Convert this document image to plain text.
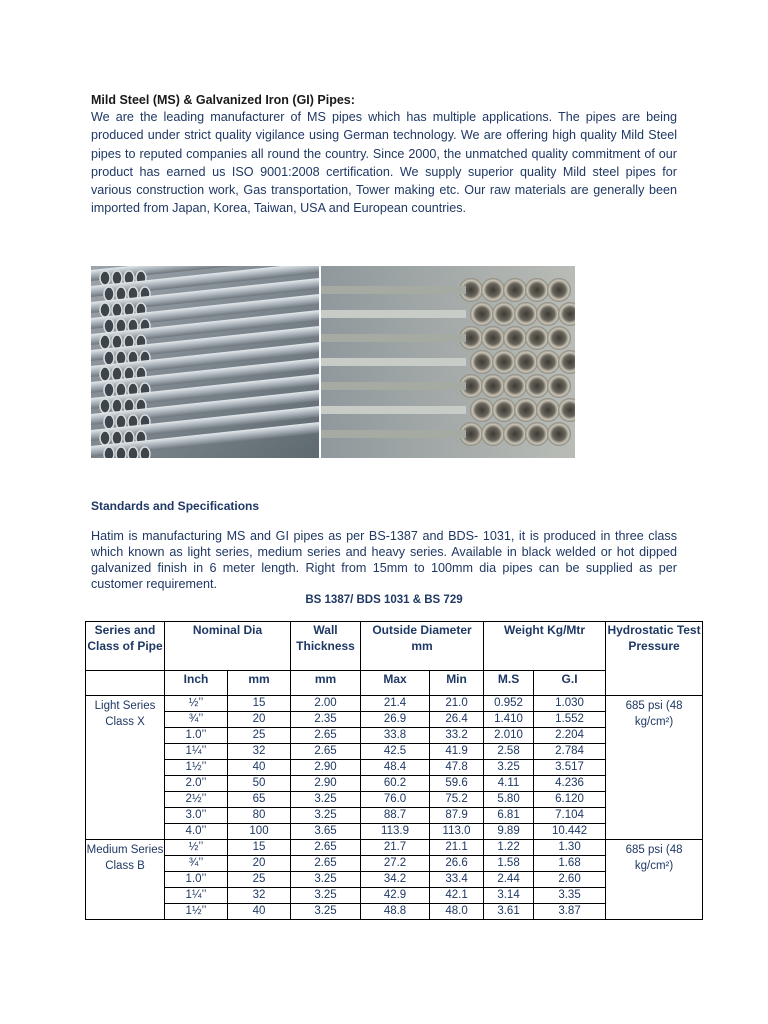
Mild Steel (MS) & Galvanized Iron (GI) Pipes:

We are the leading manufacturer of MS pipes which has multiple applications. The pipes are being produced under strict quality vigilance using German technology. We are offering high quality Mild Steel pipes to reputed companies all round the country. Since 2000, the unmatched quality commitment of our product has earned us ISO 9001:2008 certification. We supply superior quality Mild steel pipes for various construction work, Gas transportation, Tower making etc. Our raw materials are generally been imported from Japan, Korea, Taiwan, USA and European countries.

Standards and Specifications

Hatim is manufacturing MS and GI pipes as per BS-1387 and BDS- 1031, it is produced in three class which known as light series, medium series and heavy series. Available in black welded or hot dipped galvanized finish in 6 meter length. Right from 15mm to 100mm dia pipes can be supplied as per customer requirement.

BS 1387/ BDS 1031 & BS 729
Series and Class of Pipe	Nominal Dia		Wall Thickness	Outside Diameter mm		Weight Kg/Mtr		Hydrostatic Test Pressure
	Inch	mm	mm	Max	Min	M.S	G.I	
Light Series Class X	½’’	15	2.00	21.4	21.0	0.952	1.030	685 psi (48 kg/cm²)
	¾’’	20	2.35	26.9	26.4	1.410	1.552	
	1.0’’	25	2.65	33.8	33.2	2.010	2.204	
	1¼’’	32	2.65	42.5	41.9	2.58	2.784	
	1½’’	40	2.90	48.4	47.8	3.25	3.517	
	2.0’’	50	2.90	60.2	59.6	4.11	4.236	
	2½’’	65	3.25	76.0	75.2	5.80	6.120	
	3.0’’	80	3.25	88.7	87.9	6.81	7.104	
	4.0’’	100	3.65	113.9	113.0	9.89	10.442	
Medium Series Class B	½’’	15	2.65	21.7	21.1	1.22	1.30	685 psi (48 kg/cm²)
	¾’’	20	2.65	27.2	26.6	1.58	1.68	
	1.0’’	25	3.25	34.2	33.4	2.44	2.60	
	1¼’’	32	3.25	42.9	42.1	3.14	3.35	
	1½’’	40	3.25	48.8	48.0	3.61	3.87	
